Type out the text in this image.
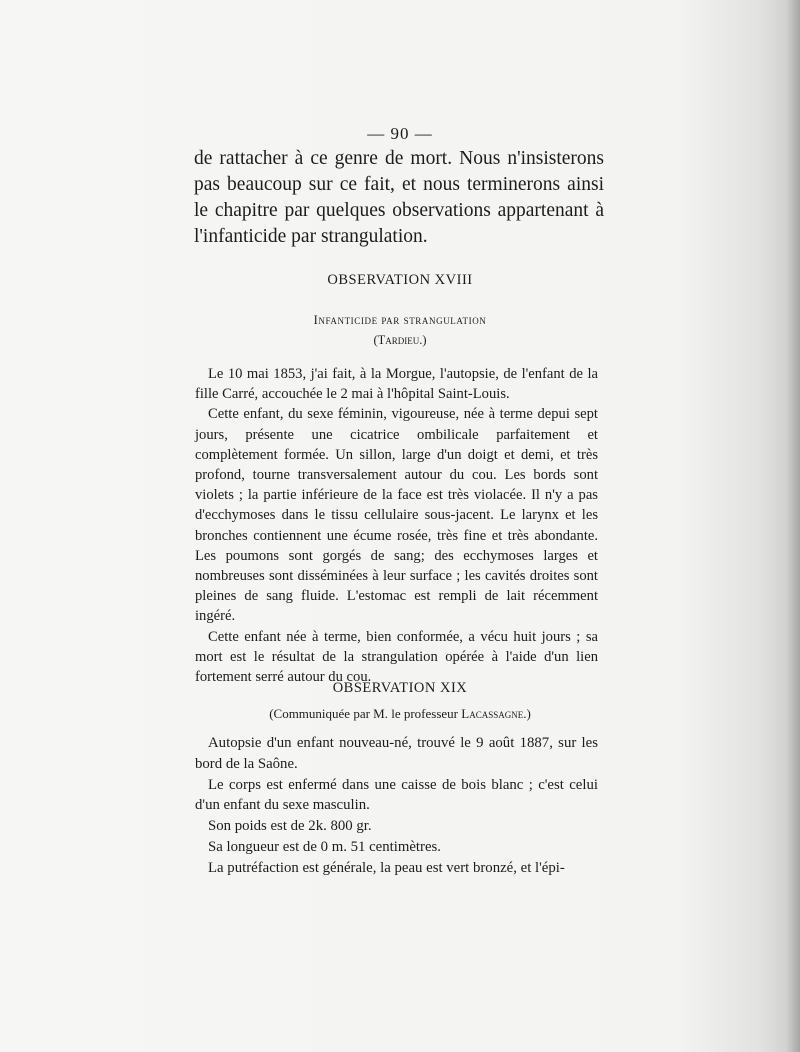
— 90 —

de rattacher à ce genre de mort. Nous n'insisterons pas beaucoup sur ce fait, et nous terminerons ainsi le chapitre par quelques observations appartenant à l'infanticide par strangulation.

OBSERVATION XVIII
Infanticide par strangulation
(Tardieu.)

Le 10 mai 1853, j'ai fait, à la Morgue, l'autopsie, de l'enfant de la fille Carré, accouchée le 2 mai à l'hôpital Saint-Louis.

Cette enfant, du sexe féminin, vigoureuse, née à terme depui sept jours, présente une cicatrice ombilicale parfaitement et complètement formée. Un sillon, large d'un doigt et demi, et très profond, tourne transversalement autour du cou. Les bords sont violets ; la partie inférieure de la face est très violacée. Il n'y a pas d'ecchymoses dans le tissu cellulaire sous-jacent. Le larynx et les bronches contiennent une écume rosée, très fine et très abondante. Les poumons sont gorgés de sang; des ecchymoses larges et nombreuses sont disséminées à leur surface ; les cavités droites sont pleines de sang fluide. L'estomac est rempli de lait récemment ingéré.

Cette enfant née à terme, bien conformée, a vécu huit jours ; sa mort est le résultat de la strangulation opérée à l'aide d'un lien fortement serré autour du cou.

OBSERVATION XIX
(Communiquée par M. le professeur Lacassagne.)

Autopsie d'un enfant nouveau-né, trouvé le 9 août 1887, sur les bord de la Saône.

Le corps est enfermé dans une caisse de bois blanc ; c'est celui d'un enfant du sexe masculin.

Son poids est de 2k. 800 gr.

Sa longueur est de 0 m. 51 centimètres.

La putréfaction est générale, la peau est vert bronzé, et l'épi-
